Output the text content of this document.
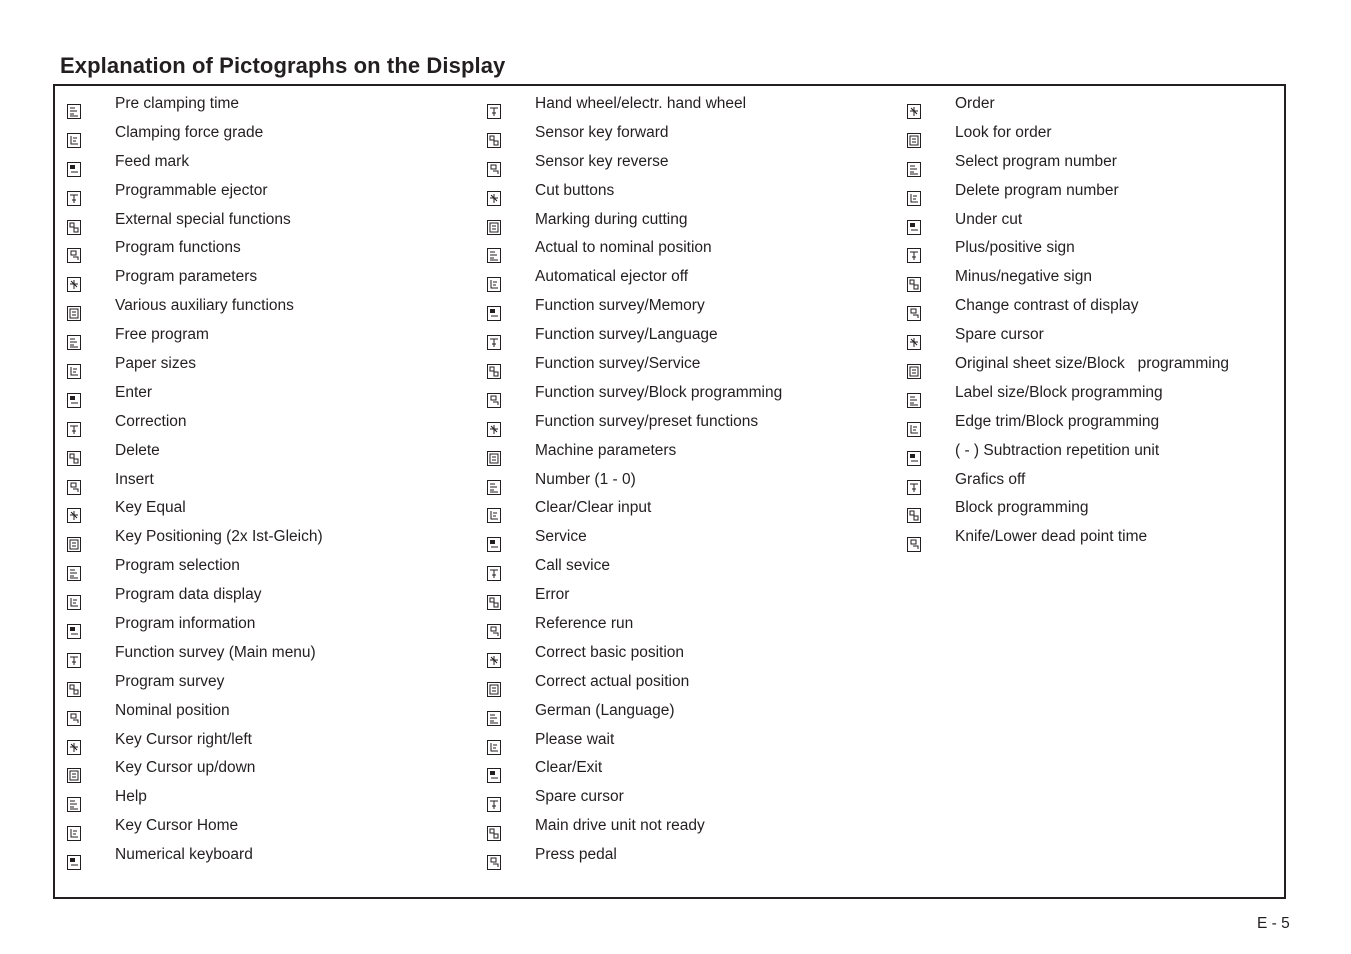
Explanation of Pictographs on the Display
Pre clamping time
Clamping force grade
Feed mark
Programmable ejector
External special functions
Program functions
Program parameters
Various auxiliary functions
Free program
Paper sizes
Enter
Correction
Delete
Insert
Key Equal
Key Positioning (2x Ist-Gleich)
Program selection
Program data display
Program information
Function survey (Main menu)
Program survey
Nominal position
Key Cursor right/left
Key Cursor up/down
Help
Key Cursor Home
Numerical keyboard
Hand wheel/electr. hand wheel
Sensor key forward
Sensor key reverse
Cut buttons
Marking during cutting
Actual to nominal position
Automatical ejector off
Function survey/Memory
Function survey/Language
Function survey/Service
Function survey/Block programming
Function survey/preset functions
Machine parameters
Number (1 - 0)
Clear/Clear input
Service
Call sevice
Error
Reference run
Correct basic position
Correct actual position
German (Language)
Please wait
Clear/Exit
Spare cursor
Main drive unit not ready
Press pedal
Order
Look for order
Select program number
Delete program number
Under cut
Plus/positive sign
Minus/negative sign
Change contrast of display
Spare cursor
Original sheet size/Block   programming
Label size/Block programming
Edge trim/Block programming
( - ) Subtraction repetition unit
Grafics off
Block programming
Knife/Lower dead point time
E - 5
